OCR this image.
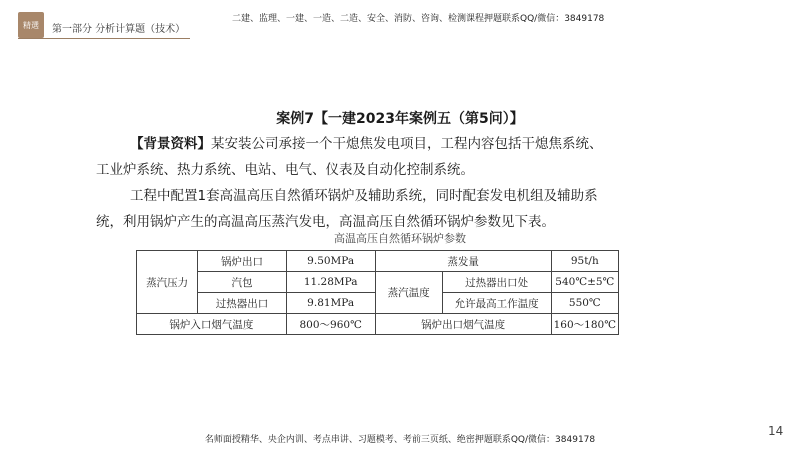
精選	第一部分 分析计算题（技术）
二建、监理、一建、一造、二造、安全、消防、咨询、检测课程押题联系QQ/微信：3849178
案例7【一建2023年案例五（第5问）】

【背景资料】某安装公司承接一个干熄焦发电项目，工程内容包括干熄焦系统、
工业炉系统、热力系统、电站、电气、仪表及自动化控制系统。

工程中配置1套高温高压自然循环锅炉及辅助系统，同时配套发电机组及辅助系
统，利用锅炉产生的高温高压蒸汽发电，高温高压自然循环锅炉参数见下表。

高温高压自然循环锅炉参数
蒸汽压力	锅炉出口	9.50MPa	蒸发量		95t/h
	汽包	11.28MPa	蒸汽温度	过热器出口处	540℃±5℃
	过热器出口	9.81MPa		允许最高工作温度	550℃
锅炉入口烟气温度		800～960℃	锅炉出口烟气温度		160～180℃
名师面授精华、央企内训、考点串讲、习题模考、考前三页纸、绝密押题联系QQ/微信：3849178
14
